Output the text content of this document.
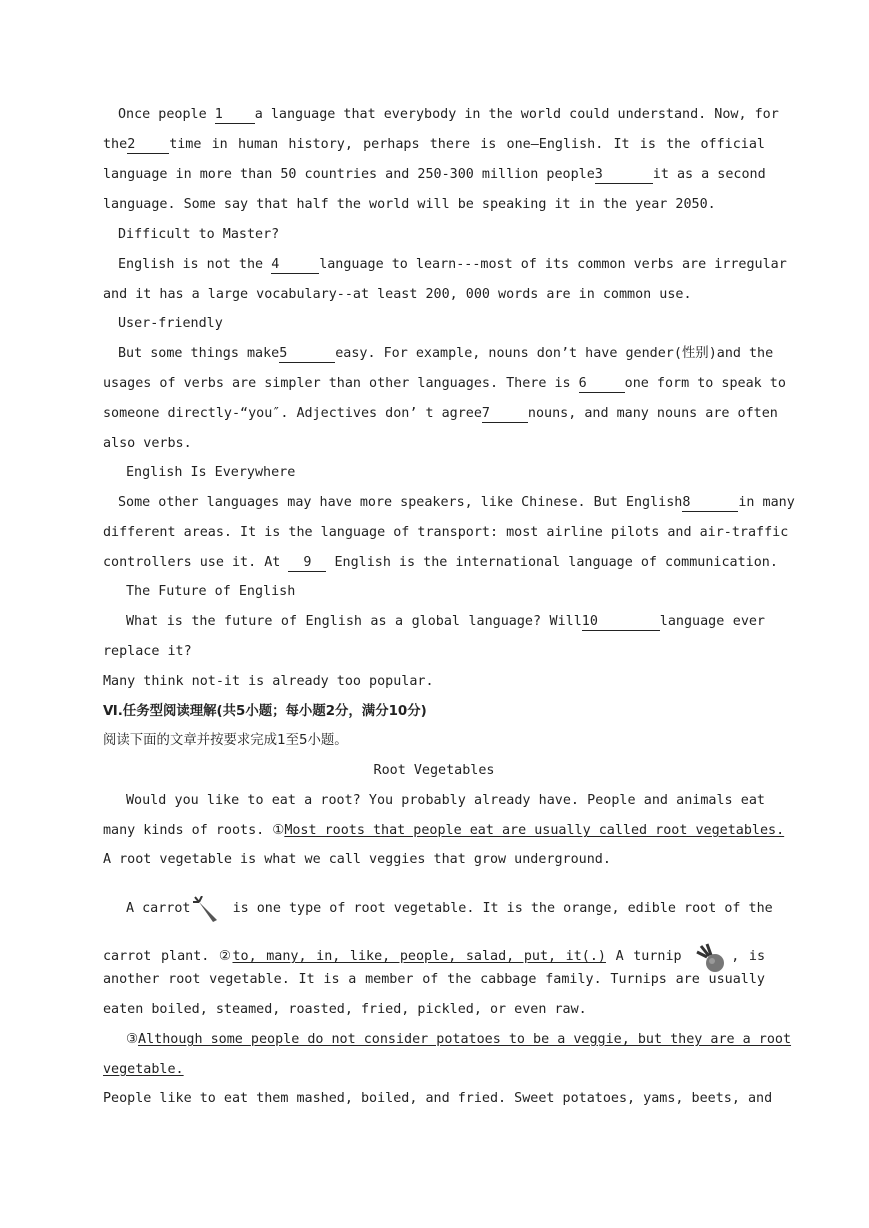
Once people 1 a language that everybody in the world could understand. Now, for
the2	time in human history, perhaps there is one—English. It is the official
language in more than 50 countries and 250-300 million people3	it as a second
language. Some say that half the world will be speaking it in the year 2050.
Difficult to Master?
English is not the 4	language to learn---most of its common verbs are irregular
and it has a large vocabulary--at least 200, 000 words are in common use.
User-friendly
But some things make5	easy. For example, nouns don’t have gender(性别)and the
usages of verbs are simpler than other languages. There is 6	one form to speak to
someone directly-“you″. Adjectives don’ t agree7	nouns, and many nouns are often
also verbs.
English Is Everywhere
Some other languages may have more speakers, like Chinese. But English8	in many
different areas. It is the language of transport: most airline pilots and air-traffic
controllers use it. At 9 English is the international language of communication.
The Future of English
What is the future of English as a global language? Will10	language ever
replace it?
Many think not-it is already too popular.
Ⅵ.任务型阅读理解(共5小题；每小题2分，满分10分)
阅读下面的文章并按要求完成1至5小题。
Root Vegetables
Would you like to eat a root? You probably already have. People and animals eat
many kinds of roots. ①Most roots that people eat are usually called root vegetables.
A root vegetable is what we call veggies that grow underground.
A carrot	is one type of root vegetable. It is the orange, edible root of the
carrot plant. ②to, many, in, like, people, salad, put, it(.) A turnip	, is
another root vegetable. It is a member of the cabbage family. Turnips are usually
eaten boiled, steamed, roasted, fried, pickled, or even raw.
③Although some people do not consider potatoes to be a veggie, but they are a root
vegetable.
People like to eat them mashed, boiled, and fried. Sweet potatoes, yams, beets, and
